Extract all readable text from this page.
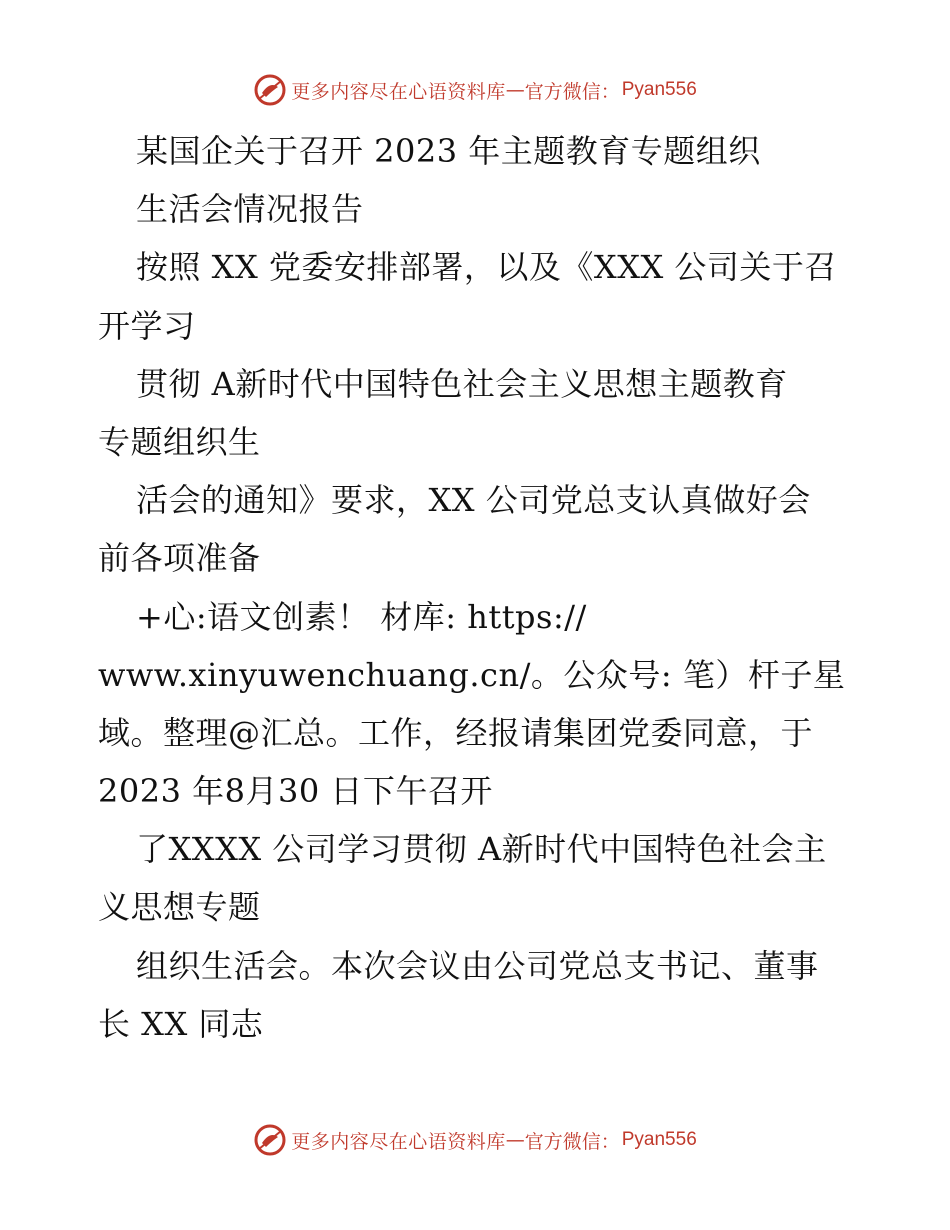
更多内容尽在心语资料库 — 官方微信： Pyan556
某国企关于召开 2023 年主题教育专题组织
生活会情况报告
按照 XX 党委安排部署，以及《XXX 公司关于召
开学习
贯彻 A新时代中国特色社会主义思想主题教育
专题组织生
活会的通知》要求，XX 公司党总支认真做好会
前各项准备
+心:语文创素！ 材库: https://
www.xinyuwenchuang.cn/。公众号: 笔）杆子星
域。整理@汇总。工作，经报请集团党委同意，于
2023 年8月30 日下午召开
了XXXX 公司学习贯彻 A新时代中国特色社会主
义思想专题
组织生活会。本次会议由公司党总支书记、董事
长 XX 同志
更多内容尽在心语资料库 — 官方微信： Pyan556
